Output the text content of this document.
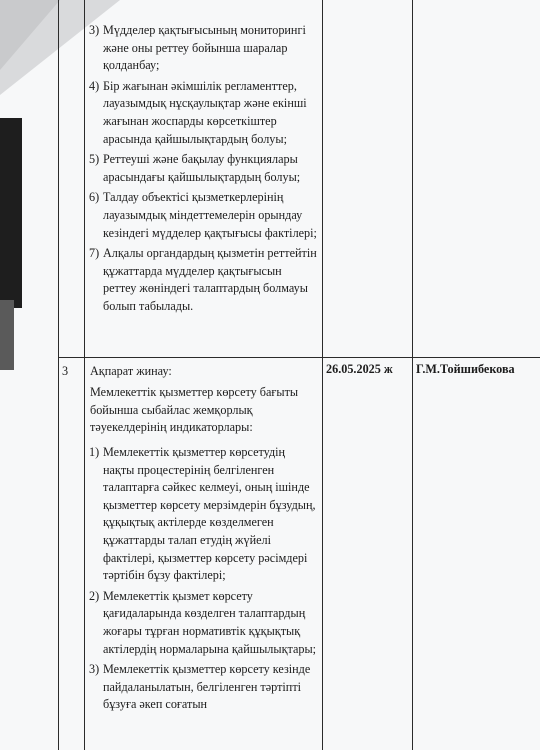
3) Мүдделер қақтығысының мониторингі және оны реттеу бойынша шаралар қолданбау;
4) Бір жағынан әкімшілік регламенттер, лауазымдық нұсқаулықтар және екінші жағынан жоспарды көрсеткіштер арасында қайшылықтардың болуы;
5) Реттеуші және бақылау функциялары арасындағы қайшылықтардың болуы;
6) Талдау объектісі қызметкерлерінің лауазымдық міндеттемелерін орындау кезіндегі мүдделер қақтығысы фактілері;
7) Алқалы органдардың қызметін реттейтін құжаттарда мүдделер қақтығысын реттеу жөніндегі талаптардың болмауы болып табылады.
3 Ақпарат жинау:
Мемлекеттік қызметтер көрсету бағыты бойынша сыбайлас жемқорлық тәуекелдерінің индикаторлары:
26.05.2025 ж Г.М.Тойшибекова
1) Мемлекеттік қызметтер көрсетудің нақты процестерінің белгіленген талаптарға сәйкес келмеуі, оның ішінде қызметтер көрсету мерзімдерін бұзудың, құқықтық актілерде көзделмеген құжаттарды талап етудің жүйелі фактілері, қызметтер көрсету рәсімдері тәртібін бұзу фактілері;
2) Мемлекеттік қызмет көрсету қағидаларында көзделген талаптардың жоғары тұрған нормативтік құқықтық актілердің нормаларына қайшылықтары;
3) Мемлекеттік қызметтер көрсету кезінде пайдаланылатын, белгіленген тәртіпті бұзуға әкеп соғатын
